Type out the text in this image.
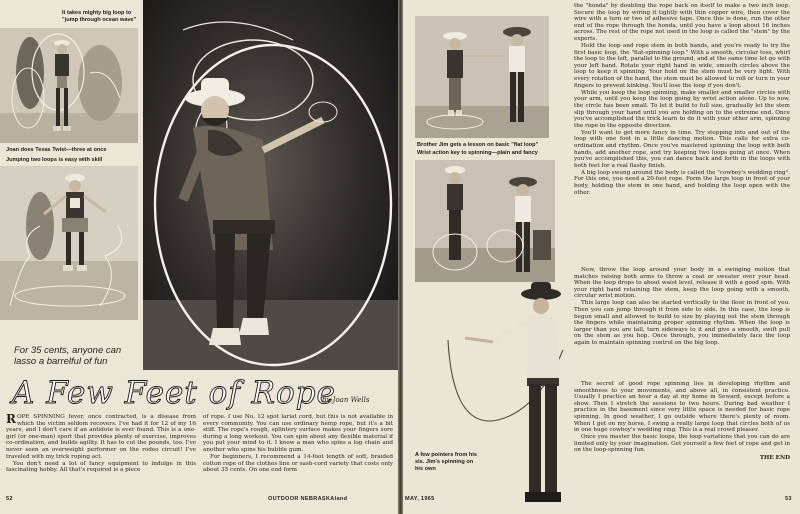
It takes mighty big loop to "jump through ocean wave"
Joan does Texas Twist—three at once
Jumping two loops is easy with skill
For 35 cents, anyone can lasso a barrelful of fun
A Few Feet of Rope
by Joan Wells

ROPE SPINNING fever, once contracted, is a disease from which the victim seldom recovers. I've had it for 12 of my 16 years, and I don't care if an antidote is ever found. This is a one-girl (or one-man) sport that provides plenty of exercise, improves co-ordination, and builds agility. It has to cut the pounds, too. I've never seen an overweight performer on the rodeo circuit! I've traveled with my trick roping act.

You don't need a lot of fancy equipment to indulge in this fascinating hobby. All that's required is a piece

of rope. I use No. 12 spot lariat cord, but this is not available in every community. You can use ordinary hemp rope, but it's a bit stiff. The rope's rough, splintery surface makes your fingers sore during a long workout. You can spin about any flexible material if you put your mind to it. I know a man who spins a log chain and another who spins his bubble gum.

For beginners, I recommend a 14-foot length of soft, braided cotton rope of the clothes line or sash-cord variety that costs only about 35 cents. On one end form

52	OUTDOOR NEBRASKAland
Brother Jim gets a lesson on basic "flat loop"
Wrist action key to spinning—plain and fancy

the "honda" by doubling the rope back on itself to make a two inch loop. Secure the loop by wiring it tightly with thin copper wire, then cover the wire with a turn or two of adhesive tape. Once this is done, run the other end of the rope through the honda, until you have a loop about 16 inches across. The rest of the rope not used in the loop is called the "stem" by the experts.

Hold the loop and rope stem in both hands, and you're ready to try the first basic loop, the "flat-spinning loop." With a smooth, circular toss, whirl the loop to the left, parallel to the ground, and at the same time let go with your left hand. Rotate your right hand in wide, smooth circles above the loop to keep it spinning. Your hold on the stem must be very light. With every rotation of the hand, the stem must be allowed to roll or turn in your fingers to prevent kinking. You'll lose the loop if you don't.

While you keep the loop spinning, make smaller and smaller circles with your arm, until you keep the loop going by wrist action alone. Up to now, the circle has been small. To let it build to full size, gradually let the stem slip through your hand until you are holding on to the extreme end. Once you've accomplished the trick learn to do it with your other arm, spinning the rope in the opposite direction.

You'll want to get more fancy in time. Try stepping into and out of the loop with one foot in a little dancing motion. This calls for extra co-ordination and rhythm. Once you've mastered spinning the loop with both hands, add another rope, and try keeping two loops going at once. When you've accomplished this, you can dance back and forth in the loops with both feet for a real flashy finish.

A big loop swung around the body is called the "cowboy's wedding ring". For this one, you need a 20-foot rope. Form the large loop in front of your body, holding the stem in one hand, and holding the loop open with the other.

Now, throw the loop around your body in a swinging motion that matches raising both arms to throw a coat or sweater over your head. When the loop drops to about waist level, release it with a good spin. With your right hand retaining the stem, keep the loop going with a smooth, circular wrist motion.

This large loop can also be started vertically to the floor in front of you. Then you can jump through it from side to side. In this case, the loop is begun small and allowed to build to size by playing out the stem through the fingers while maintaining proper spinning rhythm. When the loop is larger than you are tall, turn sideways to it and give a smooth, swift pull on the stem as you hop. Once through, you immediately face the loop again to maintain spinning control on the big loop.

The secret of good rope spinning lies in developing rhythm and smoothness to your movements, and above all, in consistent practice. Usually I practice an hour a day at my home in Seward, except before a show. Then I stretch the sessions to two hours. During bad weather I practice in the basement since very little space is needed for basic rope spinning. In good weather, I go outside where there's plenty of room. When I get on my horse, I swing a really large loop that circles both of us in one huge cowboy's wedding ring. This is a real crowd pleaser.

Once you master the basic loops, the loop variations that you can do are limited only by your imagination. Get yourself a few feet of rope and get in on the loop-spinning fun.

THE END
A few pointers from his sis. Jim's spinning on his own
MAY, 1965	53
